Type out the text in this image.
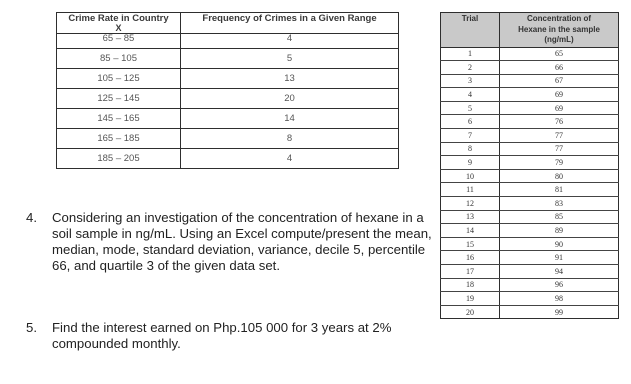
Crime Rate in Country
X	Frequency of Crimes in a Given Range
65 – 85	4
85 – 105	5
105 – 125	13
125 – 145	20
145 – 165	14
165 – 185	8
185 – 205	4
4. Considering an investigation of the concentration of hexane in a soil sample in ng/mL. Using an Excel compute/present the mean, median, mode, standard deviation, variance, decile 5, percentile 66, and quartile 3 of the given data set.
5. Find the interest earned on Php.105 000 for 3 years at 2% compounded monthly.
Trial	Concentration of
Hexane in the sample
(ng/mL)

1	65
2	66
3	67
4	69
5	69
6	76
7	77
8	77
9	79
10	80
11	81
12	83
13	85
14	89
15	90
16	91
17	94
18	96
19	98
20	99
